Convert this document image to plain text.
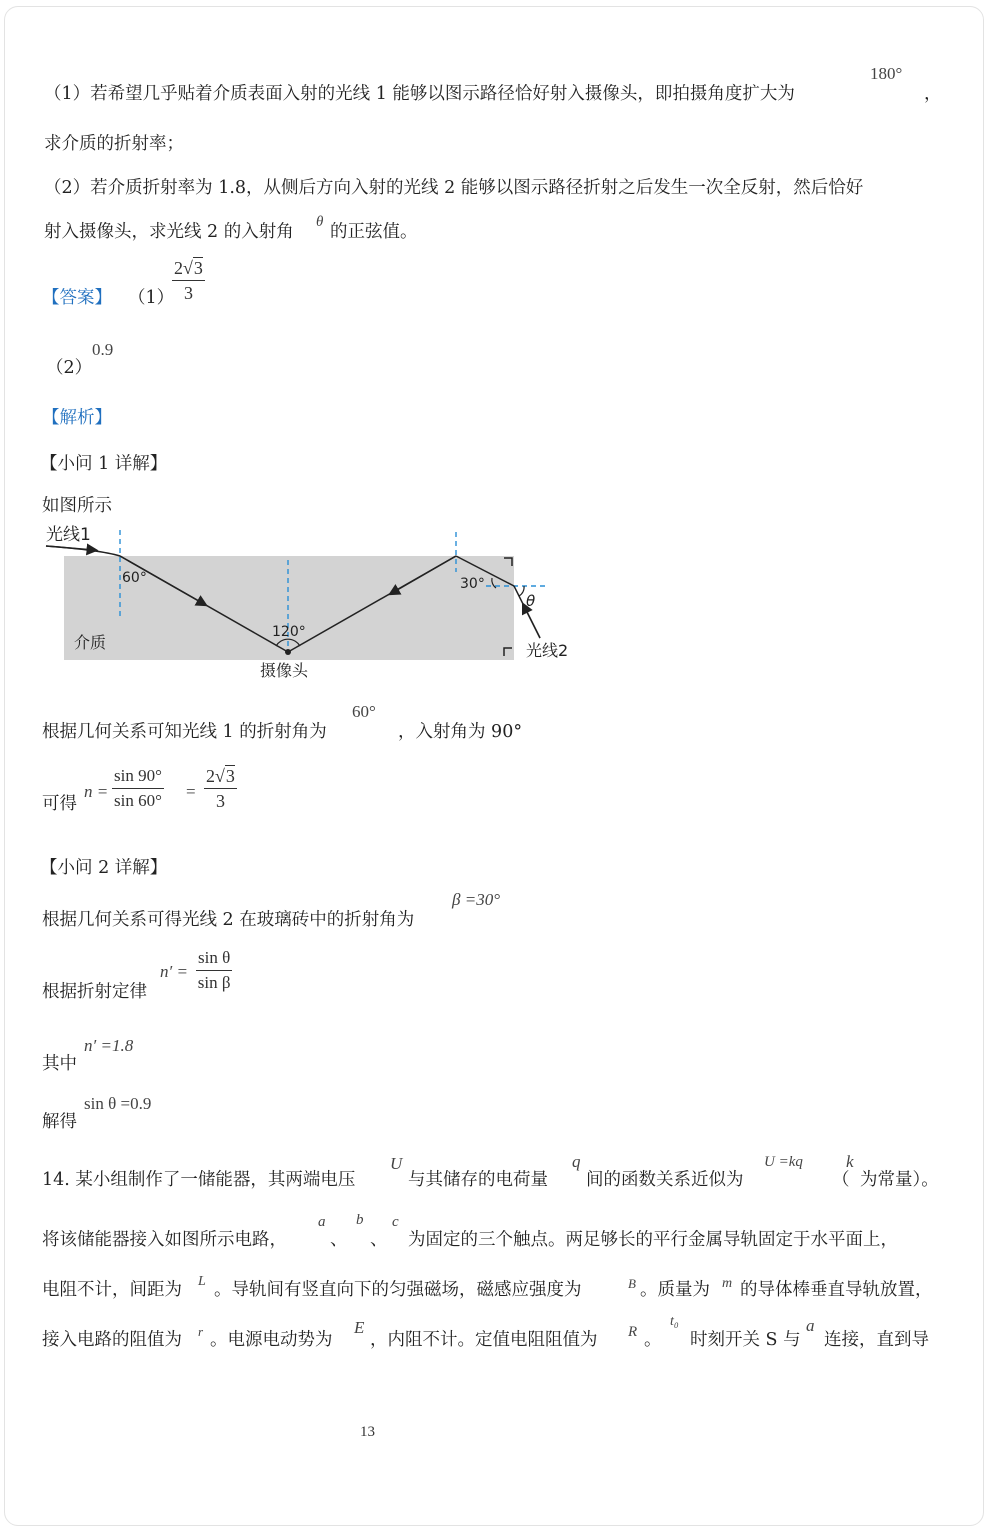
（1）若希望几乎贴着介质表面入射的光线 1 能够以图示路径恰好射入摄像头，即拍摄角度扩大为
180°
，
求介质的折射率；
（2）若介质折射率为 1.8，从侧后方向入射的光线 2 能够以图示路径折射之后发生一次全反射，然后恰好
射入摄像头，求光线 2 的入射角 θ 的正弦值。
【答案】 （1）
2√3
3
（2）
0.9
【解析】
【小问 1 详解】
如图所示
光线1
60°
120°
30°
θ
介质
摄像头
光线2
根据几何关系可知光线 1 的折射角为
60°
，入射角为 90°
可得
n =
sin 90°
sin 60° =
2√3
3
【小问 2 详解】
根据几何关系可得光线 2 在玻璃砖中的折射角为
β =30°
根据折射定律
n′ =
sin θ
sin β
其中
n′ =1.8
解得
sin θ =0.9
14. 某小组制作了一储能器，其两端电压
U
与其储存的电荷量
q
间的函数关系近似为
U =kq
（
k
为常量）。
将该储能器接入如图所示电路，
a
、
b
、
c
为固定的三个触点。两足够长的平行金属导轨固定于水平面上，
电阻不计，间距为 L 。导轨间有竖直向下的匀强磁场，磁感应强度为	B 。质量为 m 的导体棒垂直导轨放置，
接入电路的阻值为 r 。电源电动势为
E
，内阻不计。定值电阻阻值为 R 。
t₀
时刻开关 S 与
a
连接，直到导
13
